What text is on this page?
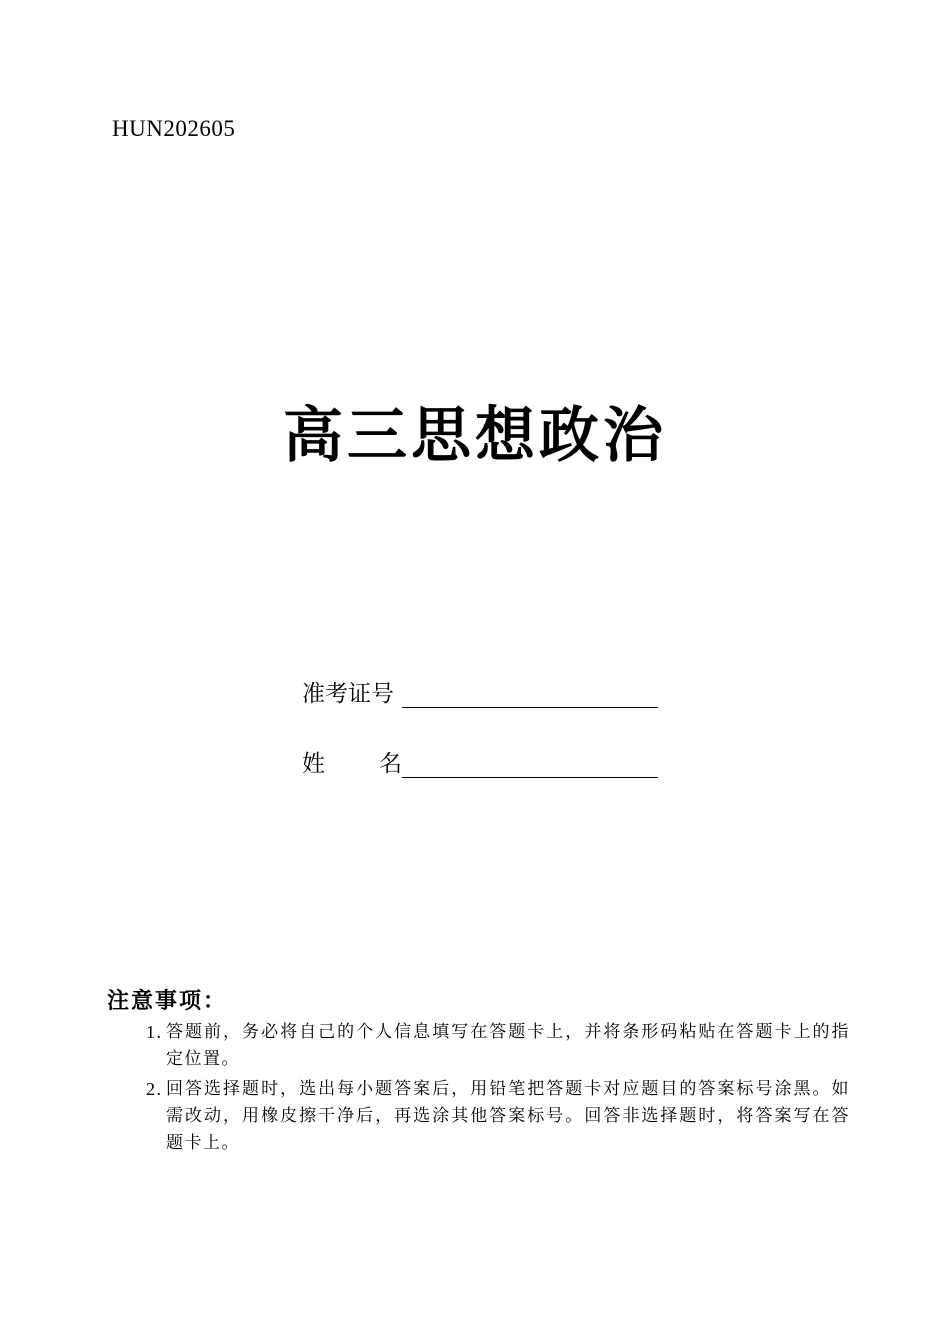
HUN202605
高三思想政治
准考证号
姓 名
注意事项：
1. 答题前，务必将自己的个人信息填写在答题卡上，并将条形码粘贴在答题卡上的指定位置。
2. 回答选择题时，选出每小题答案后，用铅笔把答题卡对应题目的答案标号涂黑。如需改动，用橡皮擦干净后，再选涂其他答案标号。回答非选择题时，将答案写在答题卡上。
